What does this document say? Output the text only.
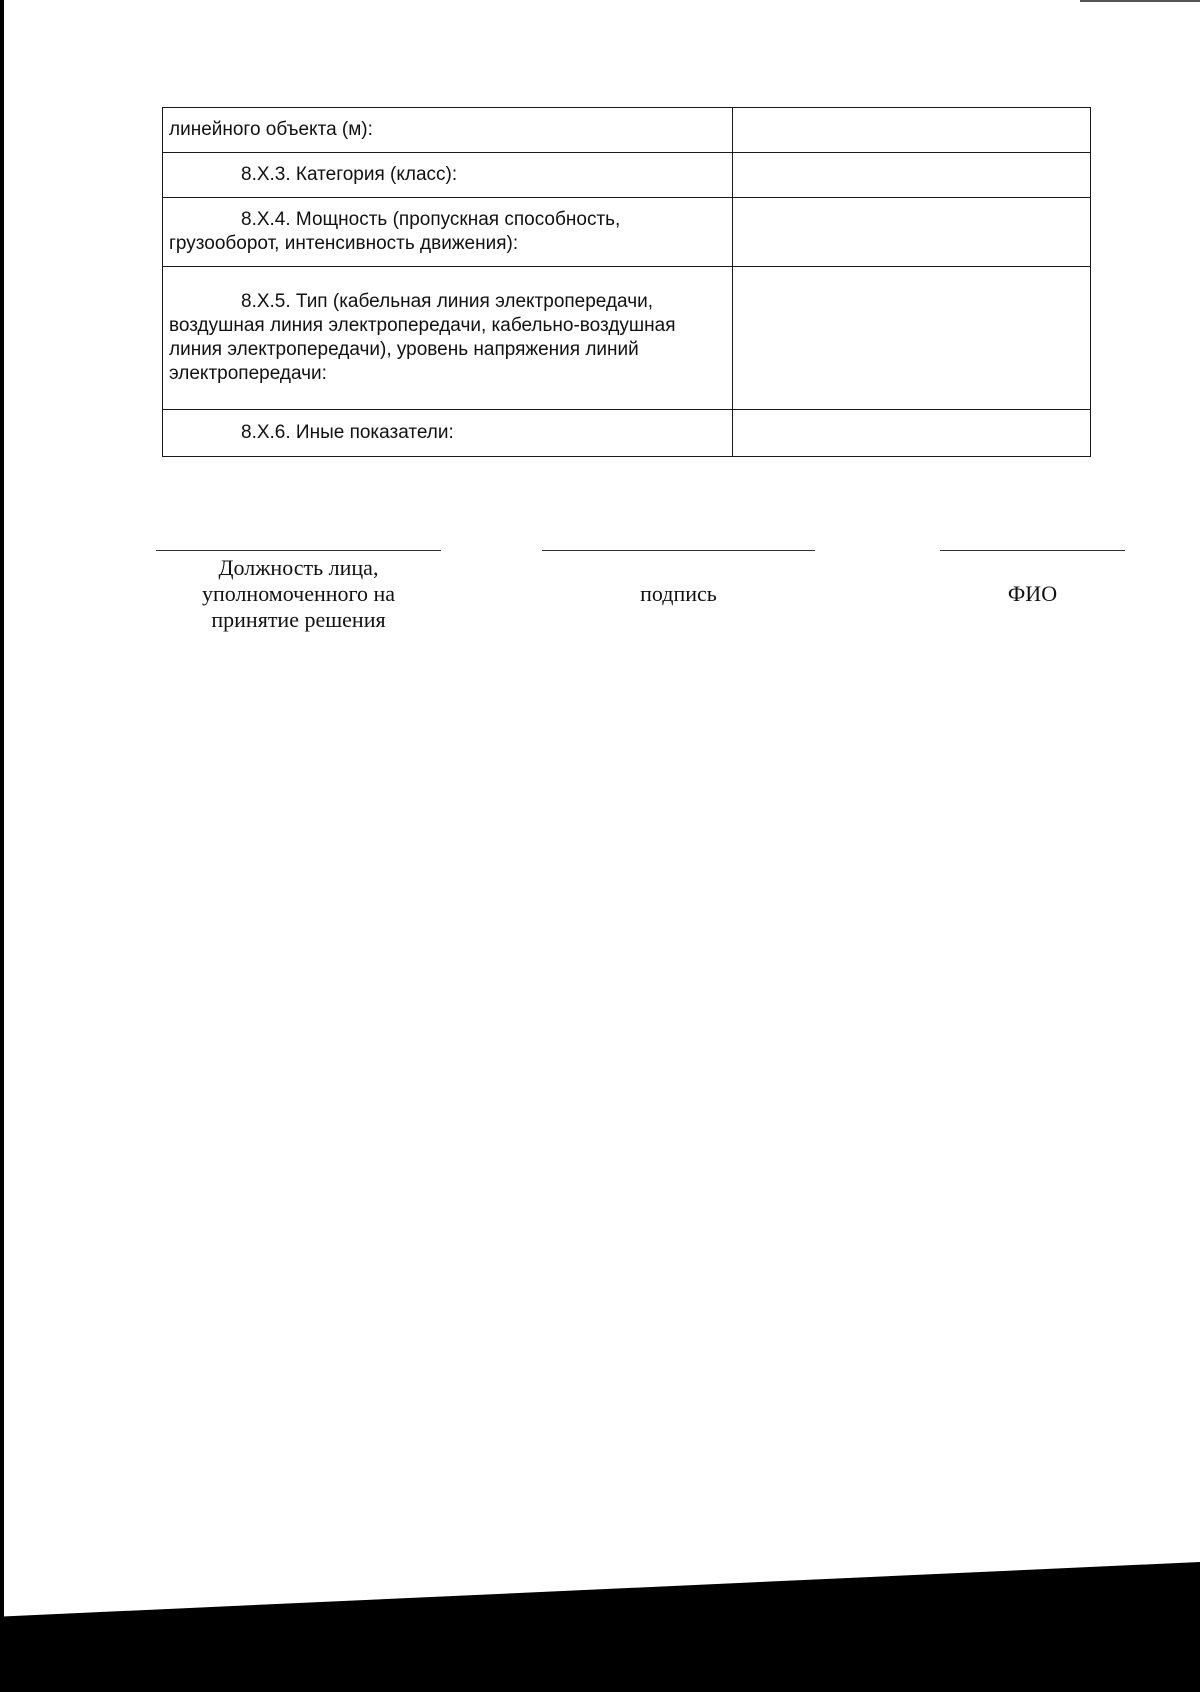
линейного объекта (м):	
8.X.3. Категория (класс):	
8.X.4. Мощность (пропускная способность, грузооборот, интенсивность движения):	
8.X.5. Тип (кабельная линия электропередачи, воздушная линия электропередачи, кабельно-воздушная линия электропередачи), уровень напряжения линий электропередачи:	
8.X.6. Иные показатели:	
Должность лица,
уполномоченного на
принятие решения
подпись	ФИО
